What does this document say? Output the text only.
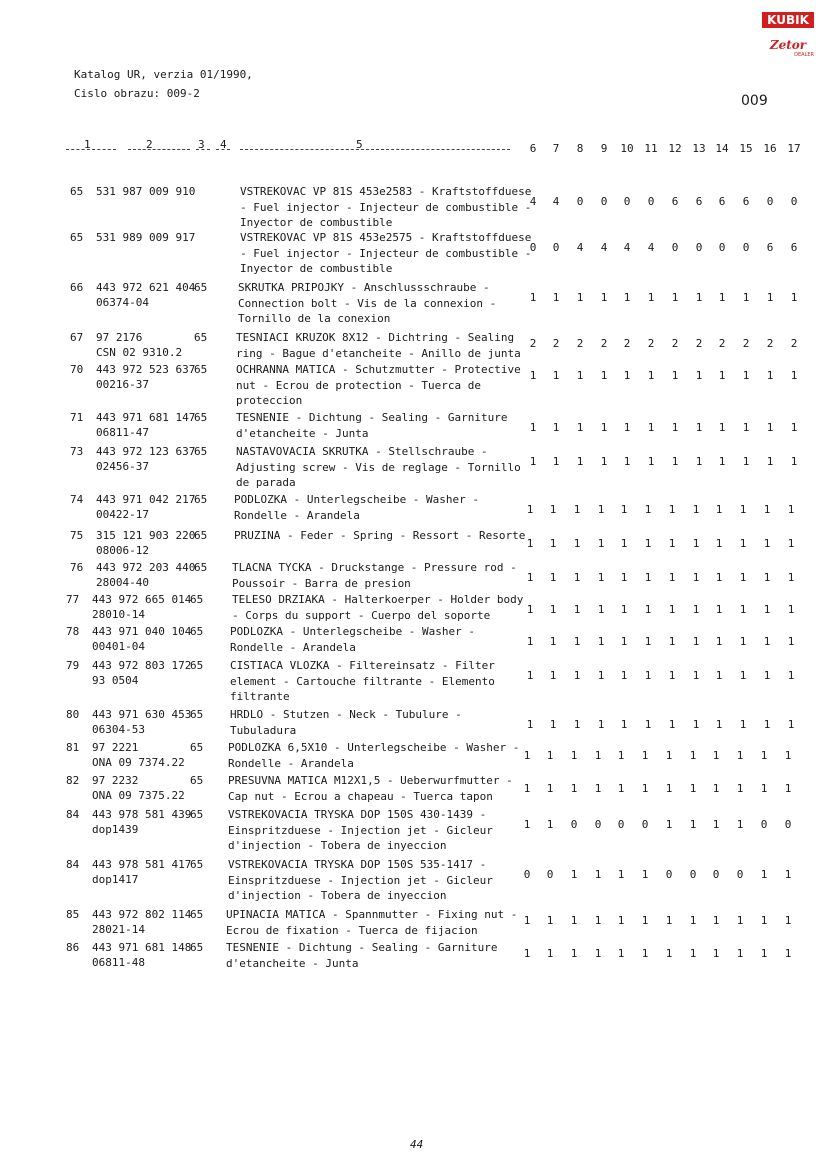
KUBIK
Zetor
DEALER
Katalog UR, verzia 01/1990,
Cislo obrazu: 009-2	009
1	2	3 4	5	6	7	8	9	10 11 12 13 14 15 16 17
65 531 987 009 910	VSTREKOVAC VP 81S 453e2583 - Kraftstoffduese
- Fuel injector - Injecteur de combustible -
Inyector de combustible
4	4	0	0	0	0	6	6	6	6	0	0
65 531 989 009 917	VSTREKOVAC VP 81S 453e2575 - Kraftstoffduese
- Fuel injector - Injecteur de combustible -
Inyector de combustible
0	0	4	4	4	4	0	0	0	0	6	6
66 443 972 621 404
06374-04
65	SKRUTKA PRIPOJKY - Anschlussschraube -
Connection bolt - Vis de la connexion -
Tornillo de la conexion
1	1	1	1	1	1	1	1	1	1	1	1
67 97 2176
CSN 02 9310.2
65	TESNIACI KRUZOK 8X12 - Dichtring - Sealing
ring - Bague d'etancheite - Anillo de junta
2	2	2	2	2	2	2	2	2	2	2	2
70 443 972 523 637
00216-37
65	OCHRANNA MATICA - Schutzmutter - Protective
nut - Ecrou de protection - Tuerca de
proteccion
1	1	1	1	1	1	1	1	1	1	1	1
71 443 971 681 147
06811-47
65	TESNENIE - Dichtung - Sealing - Garniture
d'etancheite - Junta	1	1	1	1	1	1	1	1	1	1	1	1
73 443 972 123 637
02456-37
65	NASTAVOVACIA SKRUTKA - Stellschraube -
Adjusting screw - Vis de reglage - Tornillo
de parada
1	1	1	1	1	1	1	1	1	1	1	1
74 443 971 042 217
00422-17
65 PODLOZKA - Unterlegscheibe - Washer -
Rondelle - Arandela	1	1	1	1	1	1	1	1	1	1	1	1
75 315 121 903 220
08006-12
65 PRUZINA - Feder - Spring - Ressort - Resorte
1	1	1	1	1	1	1	1	1	1	1	1
76 443 972 203 440
28004-40
65 TLACNA TYCKA - Druckstange - Pressure rod -
Poussoir - Barra de presion	1	1	1	1	1	1	1	1	1	1	1	1
77 443 972 665 014
28010-14
65	TELESO DRZIAKA - Halterkoerper - Holder body
- Corps du support - Cuerpo del soporte	1	1	1	1	1	1	1	1	1	1	1	1
78 443 971 040 104
00401-04
65 PODLOZKA - Unterlegscheibe - Washer -
Rondelle - Arandela	1	1	1	1	1	1	1	1	1	1	1	1
79 443 972 803 172
93 0504
65 CISTIACA VLOZKA - Filtereinsatz - Filter
element - Cartouche filtrante - Elemento
filtrante
1	1	1	1	1	1	1	1	1	1	1	1
80 443 971 630 453
06304-53
65 HRDLO - Stutzen - Neck - Tubulure -
Tubuladura	1	1	1	1	1	1	1	1	1	1	1	1
81 97 2221
ONA 09 7374.22
65 PODLOZKA 6,5X10 - Unterlegscheibe - Washer -
Rondelle - Arandela
1	1	1	1	1	1	1	1	1	1	1	1
82 97 2232
ONA 09 7375.22
65 PRESUVNA MATICA M12X1,5 - Ueberwurfmutter -
Cap nut - Ecrou a chapeau - Tuerca tapon
1	1	1	1	1	1	1	1	1	1	1	1
84 443 978 581 439
dop1439
65 VSTREKOVACIA TRYSKA DOP 150S 430-1439 -
Einspritzduese - Injection jet - Gicleur
d'injection - Tobera de inyeccion
1	1	0	0	0	0	1	1	1	1	0	0
84 443 978 581 417
dop1417
65 VSTREKOVACIA TRYSKA DOP 150S 535-1417 -
Einspritzduese - Injection jet - Gicleur
d'injection - Tobera de inyeccion
0	0	1	1	1	1	0	0	0	0	1	1
85 443 972 802 114
28021-14
65 UPINACIA MATICA - Spannmutter - Fixing nut -
Ecrou de fixation - Tuerca de fijacion
1	1	1	1	1	1	1	1	1	1	1	1
86 443 971 681 148
06811-48
65 TESNENIE - Dichtung - Sealing - Garniture
d'etancheite - Junta
1	1	1	1	1	1	1	1	1	1	1	1
44
